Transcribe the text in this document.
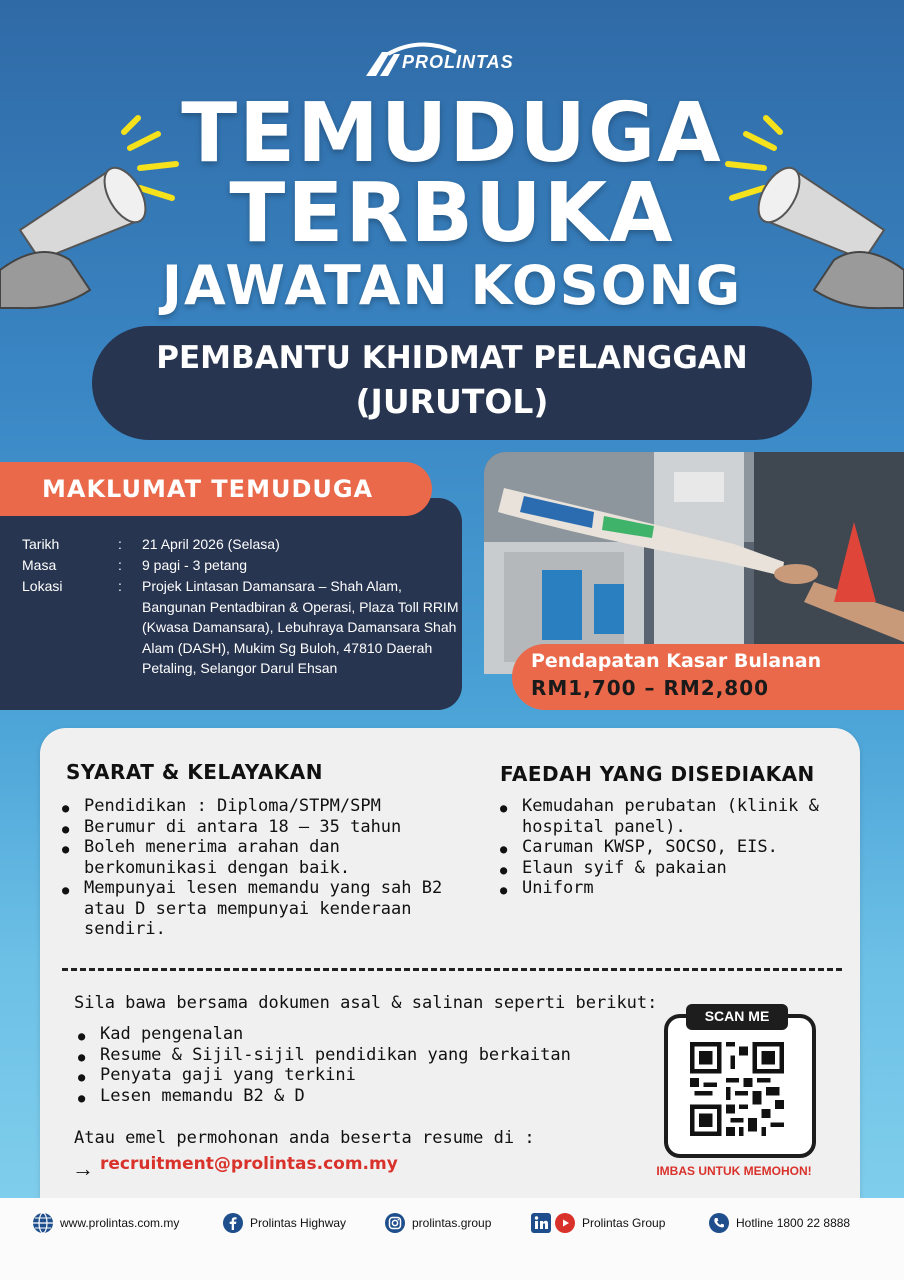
PROLINTAS
TEMUDUGA
TERBUKA
JAWATAN KOSONG
PEMBANTU KHIDMAT PELANGGAN
(JURUTOL)
MAKLUMAT TEMUDUGA
Tarikh	: 21 April 2026 (Selasa)
Masa	: 9 pagi - 3 petang
Lokasi	: Projek Lintasan Damansara – Shah Alam, Bangunan Pentadbiran & Operasi, Plaza Toll RRIM (Kwasa Damansara), Lebuhraya Damansara Shah Alam (DASH), Mukim Sg Buloh, 47810 Daerah Petaling, Selangor Darul Ehsan	Pendapatan Kasar Bulanan
RM1,700 – RM2,800
SYARAT & KELAYAKAN
● Pendidikan : Diploma/STPM/SPM
● Berumur di antara 18 – 35 tahun
● Boleh menerima arahan dan berkomunikasi dengan baik.
● Mempunyai lesen memandu yang sah B2 atau D serta mempunyai kenderaan sendiri.
FAEDAH YANG DISEDIAKAN
● Kemudahan perubatan (klinik & hospital panel).
● Caruman KWSP, SOCSO, EIS.
● Elaun syif & pakaian
● Uniform
Sila bawa bersama dokumen asal & salinan seperti berikut:
● Kad pengenalan
● Resume & Sijil-sijil pendidikan yang berkaitan
● Penyata gaji yang terkini
● Lesen memandu B2 & D
Atau emel permohonan anda beserta resume di :
→ recruitment@prolintas.com.my
SCAN ME
IMBAS UNTUK MEMOHON!
www.prolintas.com.my	Prolintas Highway	prolintas.group	Prolintas Group	Hotline 1800 22 8888
